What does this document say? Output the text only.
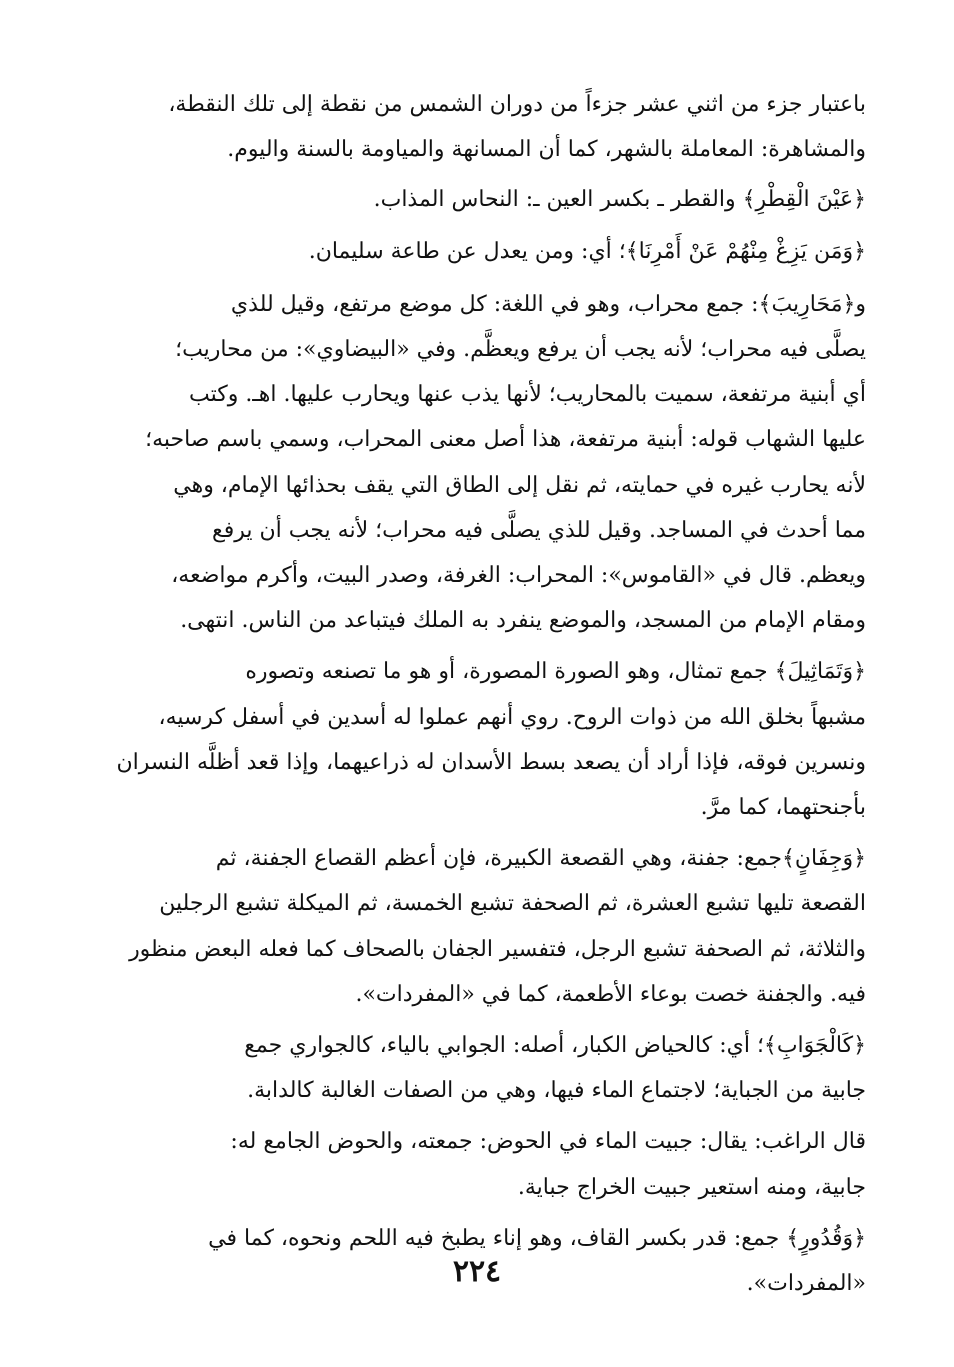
باعتبار جزء من اثني عشر جزءاً من دوران الشمس من نقطة إلى تلك النقطة،
والمشاهرة: المعاملة بالشهر، كما أن المسانهة والمياومة بالسنة واليوم.

﴿عَيْنَ الْقِطْرِ﴾ والقطر ـ بكسر العين ـ: النحاس المذاب.

﴿وَمَن يَزِغْ مِنْهُمْ عَنْ أَمْرِنَا﴾؛ أي: ومن يعدل عن طاعة سليمان.

و﴿مَحَارِيبَ﴾: جمع محراب، وهو في اللغة: كل موضع مرتفع، وقيل للذي
يصلَّى فيه محراب؛ لأنه يجب أن يرفع ويعظَّم. وفي «البيضاوي»: من محاريب؛
أي أبنية مرتفعة، سميت بالمحاريب؛ لأنها يذب عنها ويحارب عليها. اهـ. وكتب
عليها الشهاب قوله: أبنية مرتفعة، هذا أصل معنى المحراب، وسمي باسم صاحبه؛
لأنه يحارب غيره في حمايته، ثم نقل إلى الطاق التي يقف بحذائها الإمام، وهي
مما أحدث في المساجد. وقيل للذي يصلَّى فيه محراب؛ لأنه يجب أن يرفع
ويعظم. قال في «القاموس»: المحراب: الغرفة، وصدر البيت، وأكرم مواضعه،
ومقام الإمام من المسجد، والموضع ينفرد به الملك فيتباعد من الناس. انتهى.

﴿وَتَمَاثِيلَ﴾ جمع تمثال، وهو الصورة المصورة، أو هو ما تصنعه وتصوره
مشبهاً بخلق الله من ذوات الروح. روي أنهم عملوا له أسدين في أسفل كرسيه،
ونسرين فوقه، فإذا أراد أن يصعد بسط الأسدان له ذراعيهما، وإذا قعد أظلَّه النسران
بأجنحتهما، كما مرَّ.

﴿وَجِفَانٍ﴾جمع: جفنة، وهي القصعة الكبيرة، فإن أعظم القصاع الجفنة، ثم
القصعة تليها تشبع العشرة، ثم الصحفة تشبع الخمسة، ثم الميكلة تشبع الرجلين
والثلاثة، ثم الصحفة تشبع الرجل، فتفسير الجفان بالصحاف كما فعله البعض منظور
فيه. والجفنة خصت بوعاء الأطعمة، كما في «المفردات».

﴿كَالْجَوَابِ﴾؛ أي: كالحياض الكبار، أصله: الجوابي بالياء، كالجواري جمع
جابية من الجباية؛ لاجتماع الماء فيها، وهي من الصفات الغالبة كالدابة.

قال الراغب: يقال: جبيت الماء في الحوض: جمعته، والحوض الجامع له:
جابية، ومنه استعير جبيت الخراج جباية.

﴿وَقُدُورٍ﴾ جمع: قدر بكسر القاف، وهو إناء يطبخ فيه اللحم ونحوه، كما في
«المفردات».

٢٢٤
